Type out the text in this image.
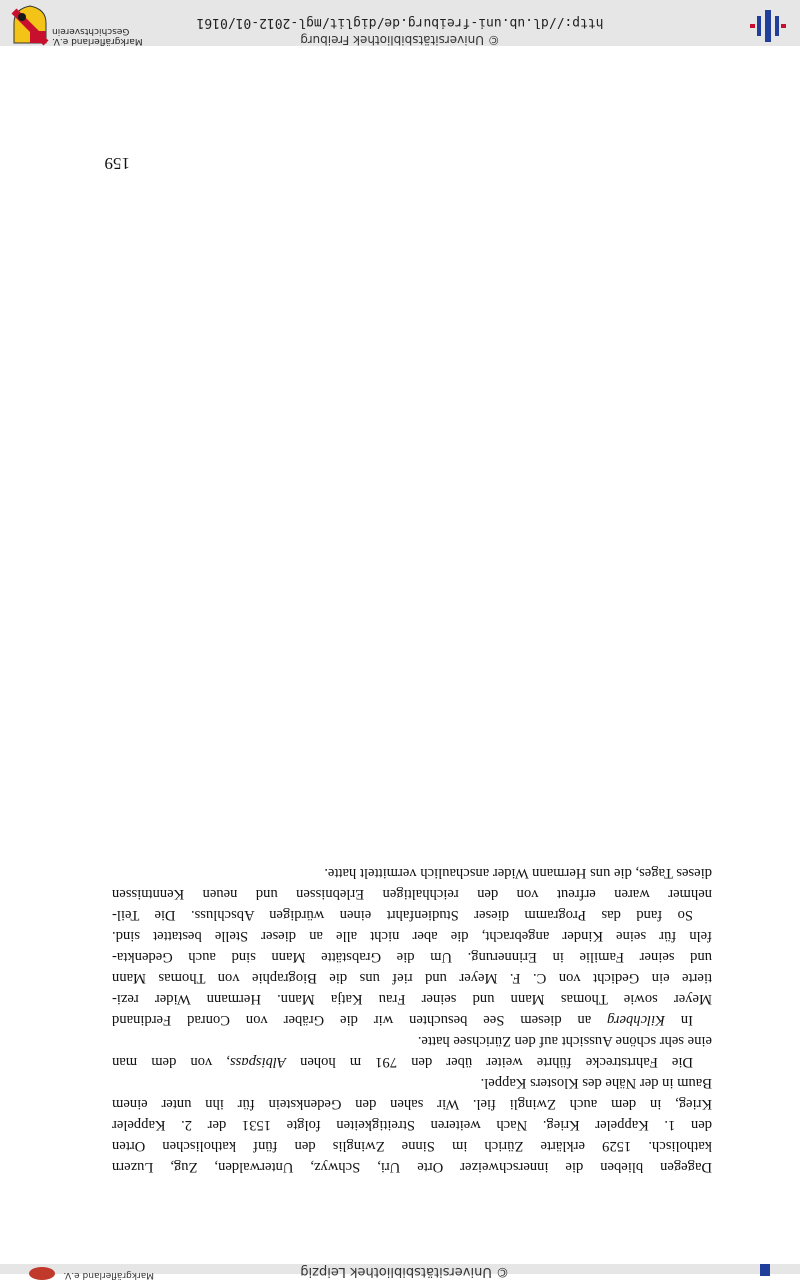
© Universitätsbibliothek Leipzig
Markgräflerland e.V.

Dagegen blieben die innerschweizer Orte Uri, Schwyz, Unterwalden, Zug, Luzern
katholisch. 1529 erklärte Zürich im Sinne Zwinglis den fünf katholischen Orten
den 1. Kappeler Krieg. Nach weiteren Streitigkeiten folgte 1531 der 2. Kappeler
Krieg, in dem auch Zwingli fiel. Wir sahen den Gedenkstein für ihn unter einem
Baum in der Nähe des Klosters Kappel.

Die Fahrtstrecke führte weiter über den 791 m hohen Albispass, von dem man
eine sehr schöne Aussicht auf den Zürichsee hatte.

In Kilchberg an diesem See besuchten wir die Gräber von Conrad Ferdinand
Meyer sowie Thomas Mann und seiner Frau Katja Mann. Hermann Wider rezi-
tierte ein Gedicht von C. F. Meyer und rief uns die Biographie von Thomas Mann
und seiner Familie in Erinnerung. Um die Grabstätte Mann sind auch Gedenkta-
feln für seine Kinder angebracht, die aber nicht alle an dieser Stelle bestattet sind.

So fand das Programm dieser Studienfahrt einen würdigen Abschluss. Die Teil-
nehmer waren erfreut von den reichhaltigen Erlebnissen und neuen Kenntnissen
dieses Tages, die uns Hermann Wider anschaulich vermittelt hatte.

159
© Universitätsbibliothek Freiburg
http://dl.ub.uni-freiburg.de/diglit/mgl-2012-01/0161
Markgräflerland e.V.
Geschichtsverein
